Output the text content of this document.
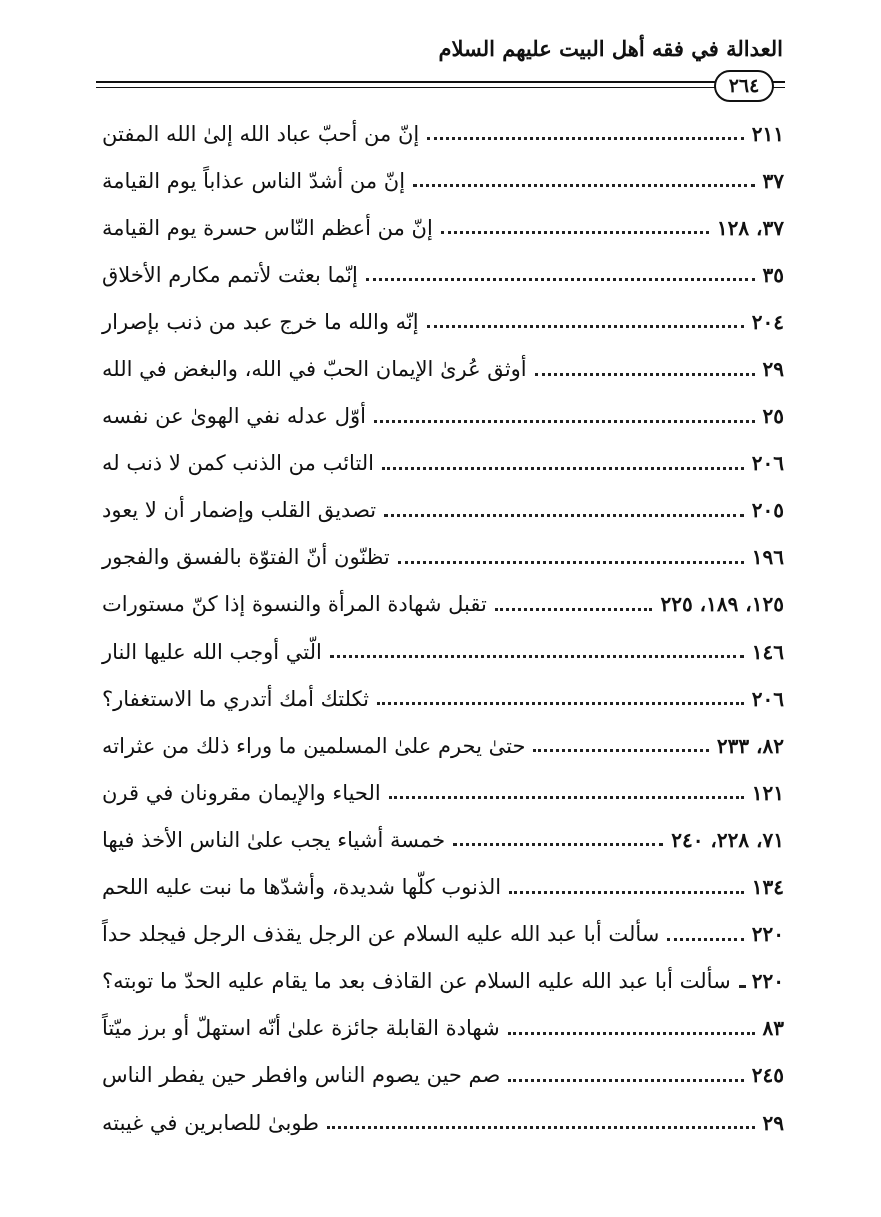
العدالة في فقه أهل البيت عليهم السلام
٢٦٤
إنّ من أحبّ عباد الله إلىٰ الله المفتن	٢١١
إنّ من أشدّ الناس عذاباً يوم القيامة	٣٧
إنّ من أعظم النّاس حسرة يوم القيامة	٣٧، ١٢٨
إنّما بعثت لأتمم مكارم الأخلاق	٣٥
إنّه والله ما خرج عبد من ذنب بإصرار	٢٠٤
أوثق عُرىٰ الإيمان الحبّ في الله، والبغض في الله	٢٩
أوّل عدله نفي الهوىٰ عن نفسه	٢٥
التائب من الذنب كمن لا ذنب له	٢٠٦
تصديق القلب وإضمار أن لا يعود	٢٠٥
تظنّون أنّ الفتوّة بالفسق والفجور	١٩٦
تقبل شهادة المرأة والنسوة إذا كنّ مستورات	١٢٥، ١٨٩، ٢٢٥
الّتي أوجب الله عليها النار	١٤٦
ثكلتك أمك أتدري ما الاستغفار؟	٢٠٦
حتىٰ يحرم علىٰ المسلمين ما وراء ذلك من عثراته	٨٢، ٢٣٣
الحياء والإيمان مقرونان في قرن	١٢١
خمسة أشياء يجب علىٰ الناس الأخذ فيها	٧١، ٢٢٨، ٢٤٠
الذنوب كلّها شديدة، وأشدّها ما نبت عليه اللحم	١٣٤
سألت أبا عبد الله عليه السلام عن الرجل يقذف الرجل فيجلد حداً	٢٢٠
سألت أبا عبد الله عليه السلام عن القاذف بعد ما يقام عليه الحدّ ما توبته؟ ٢٢٠
شهادة القابلة جائزة علىٰ أنّه استهلّ أو برز ميّتاً	٨٣
صم حين يصوم الناس وافطر حين يفطر الناس	٢٤٥
طوبىٰ للصابرين في غيبته	٢٩
